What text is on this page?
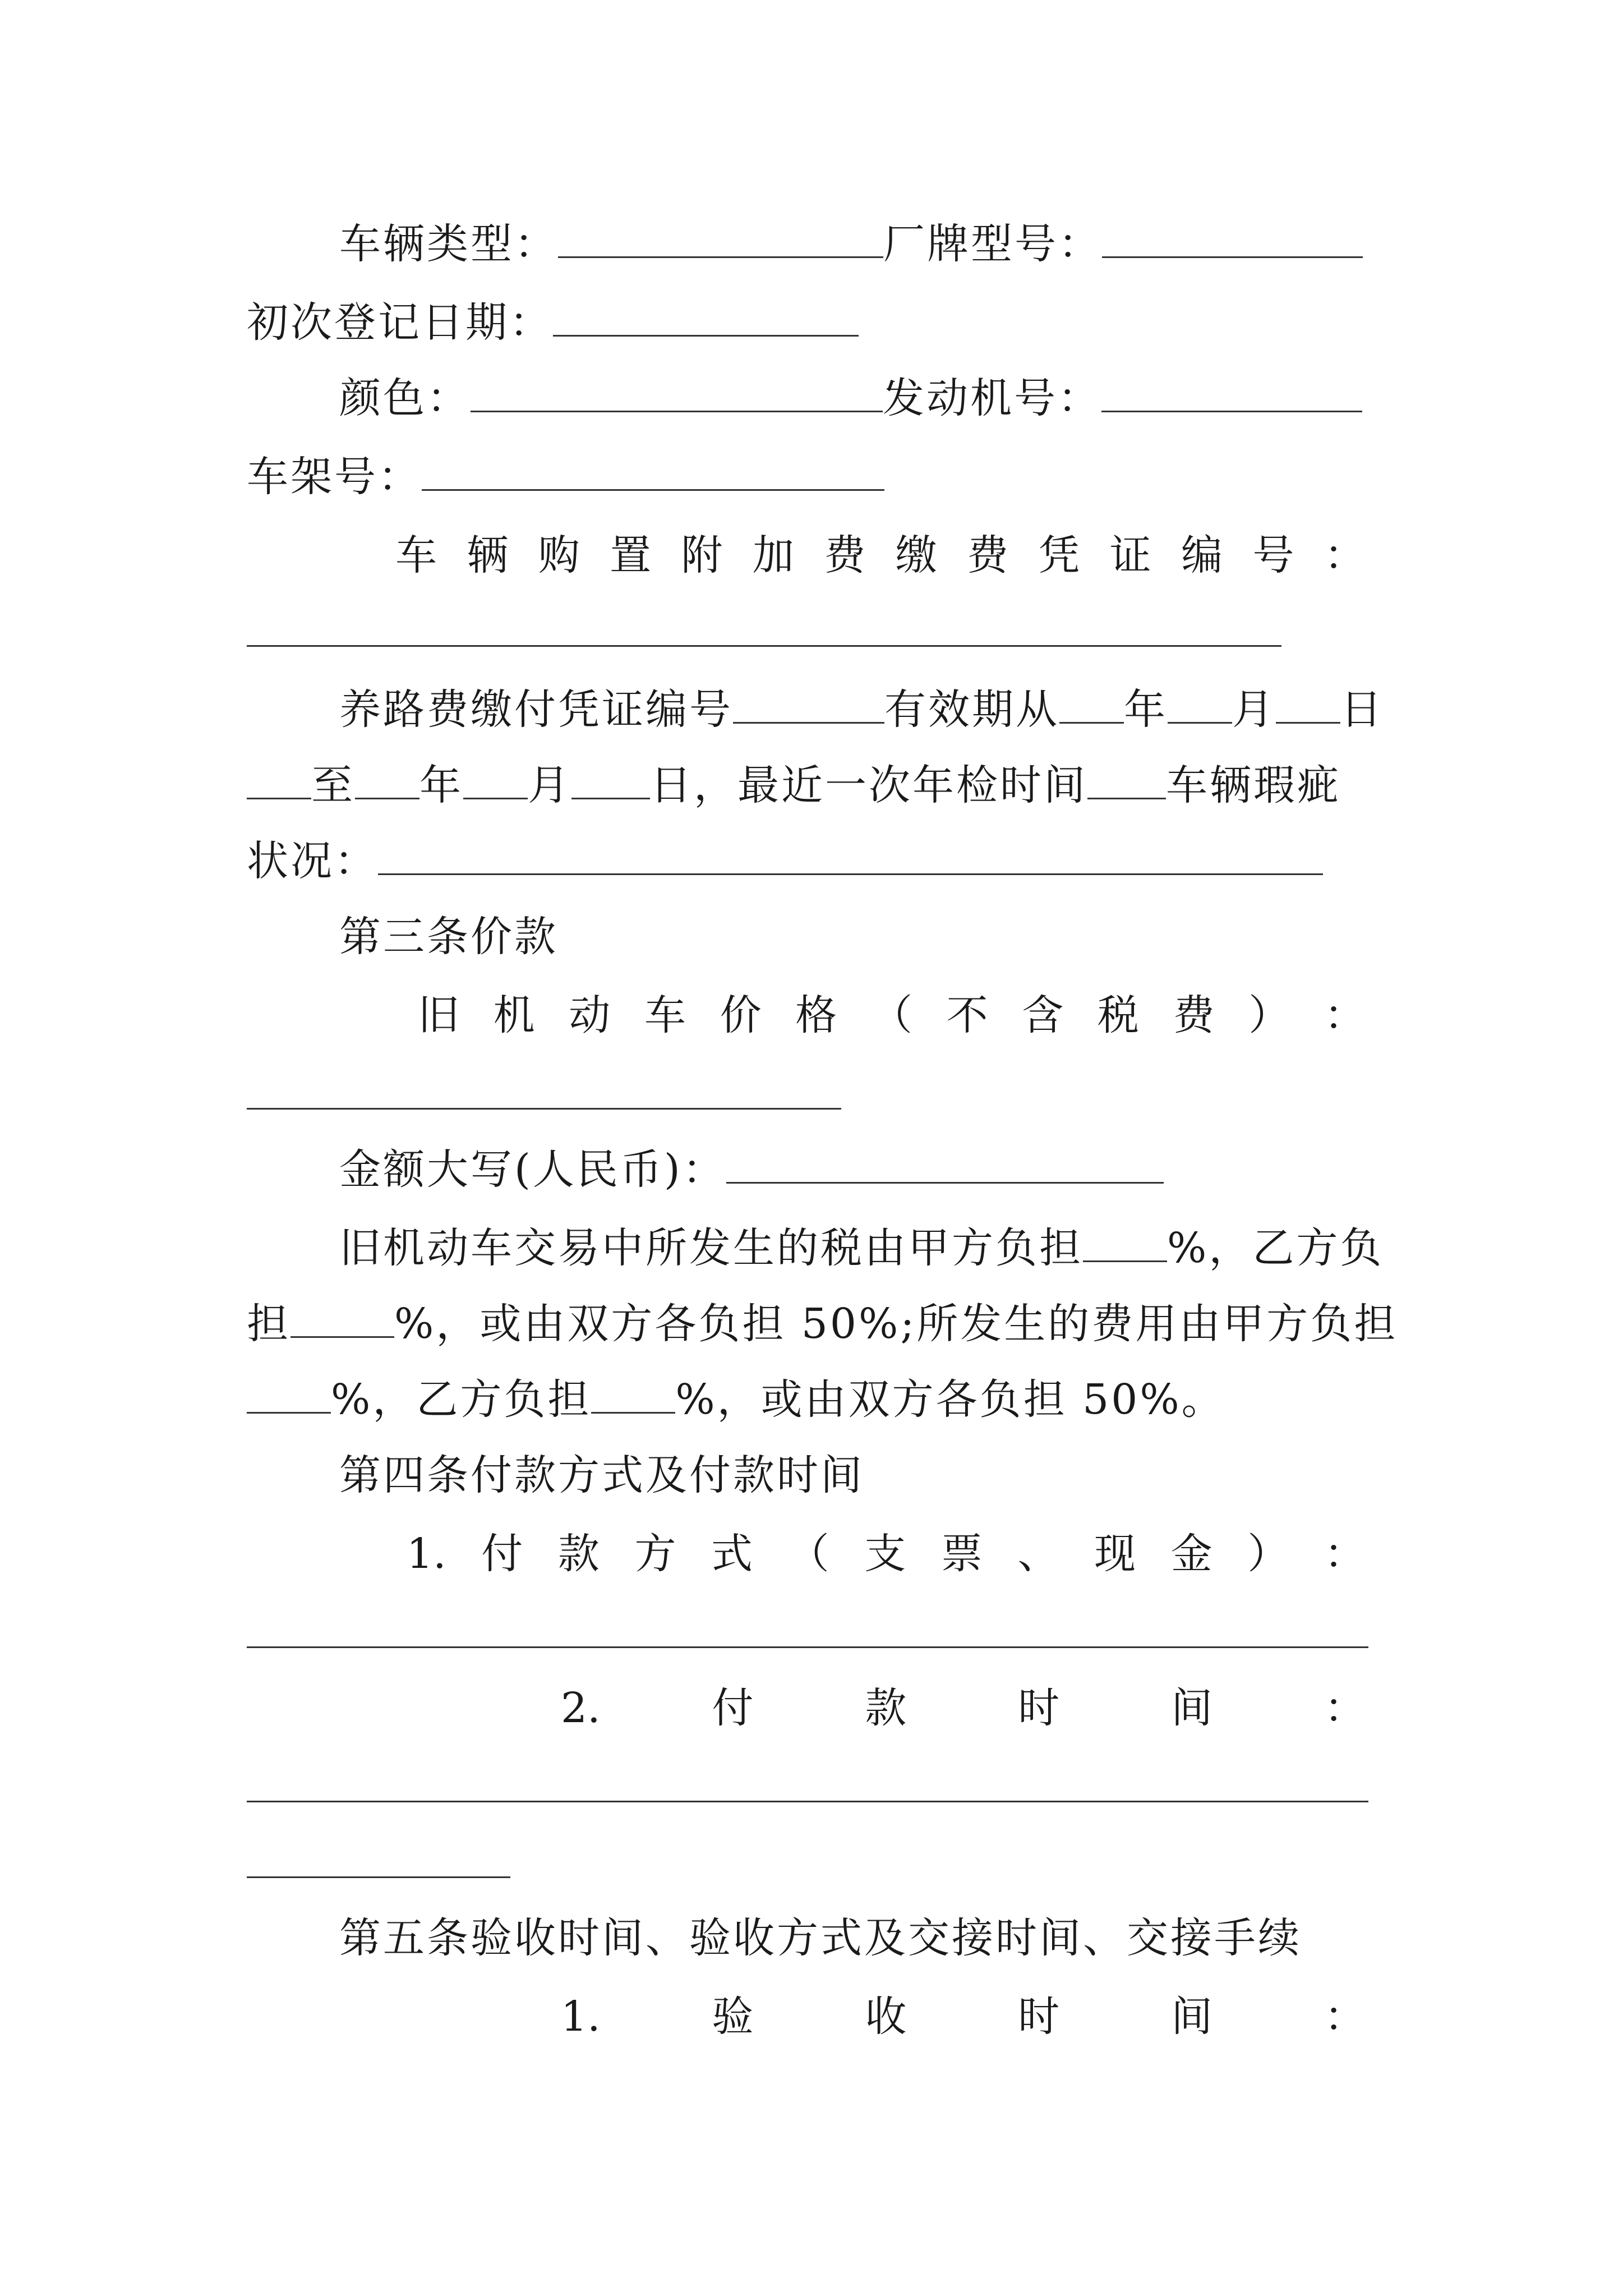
车辆类型：	厂牌型号：
初次登记日期：
颜色：	发动机号：
车架号：
车 辆 购 置 附 加 费 缴 费 凭 证 编 号 ：
养路费缴付凭证编号	有效期从 年 月 日
至 年 月 日，最近一次年检时间 车辆瑕疵
状况：
第三条价款
旧 机 动 车 价 格 （ 不 含 税 费 ） ：
金额大写(人民币)：
旧机动车交易中所发生的税由甲方负担 %，乙方负
担	%，或由双方各负担 50%;所发生的费用由甲方负担
%，乙方负担 %，或由双方各负担 50%。
第四条付款方式及付款时间
1. 付 款 方 式 （ 支 票 、 现 金 ） ：
2.	付	款	时	间	：
第五条验收时间、验收方式及交接时间、交接手续
1.	验	收	时	间	：
